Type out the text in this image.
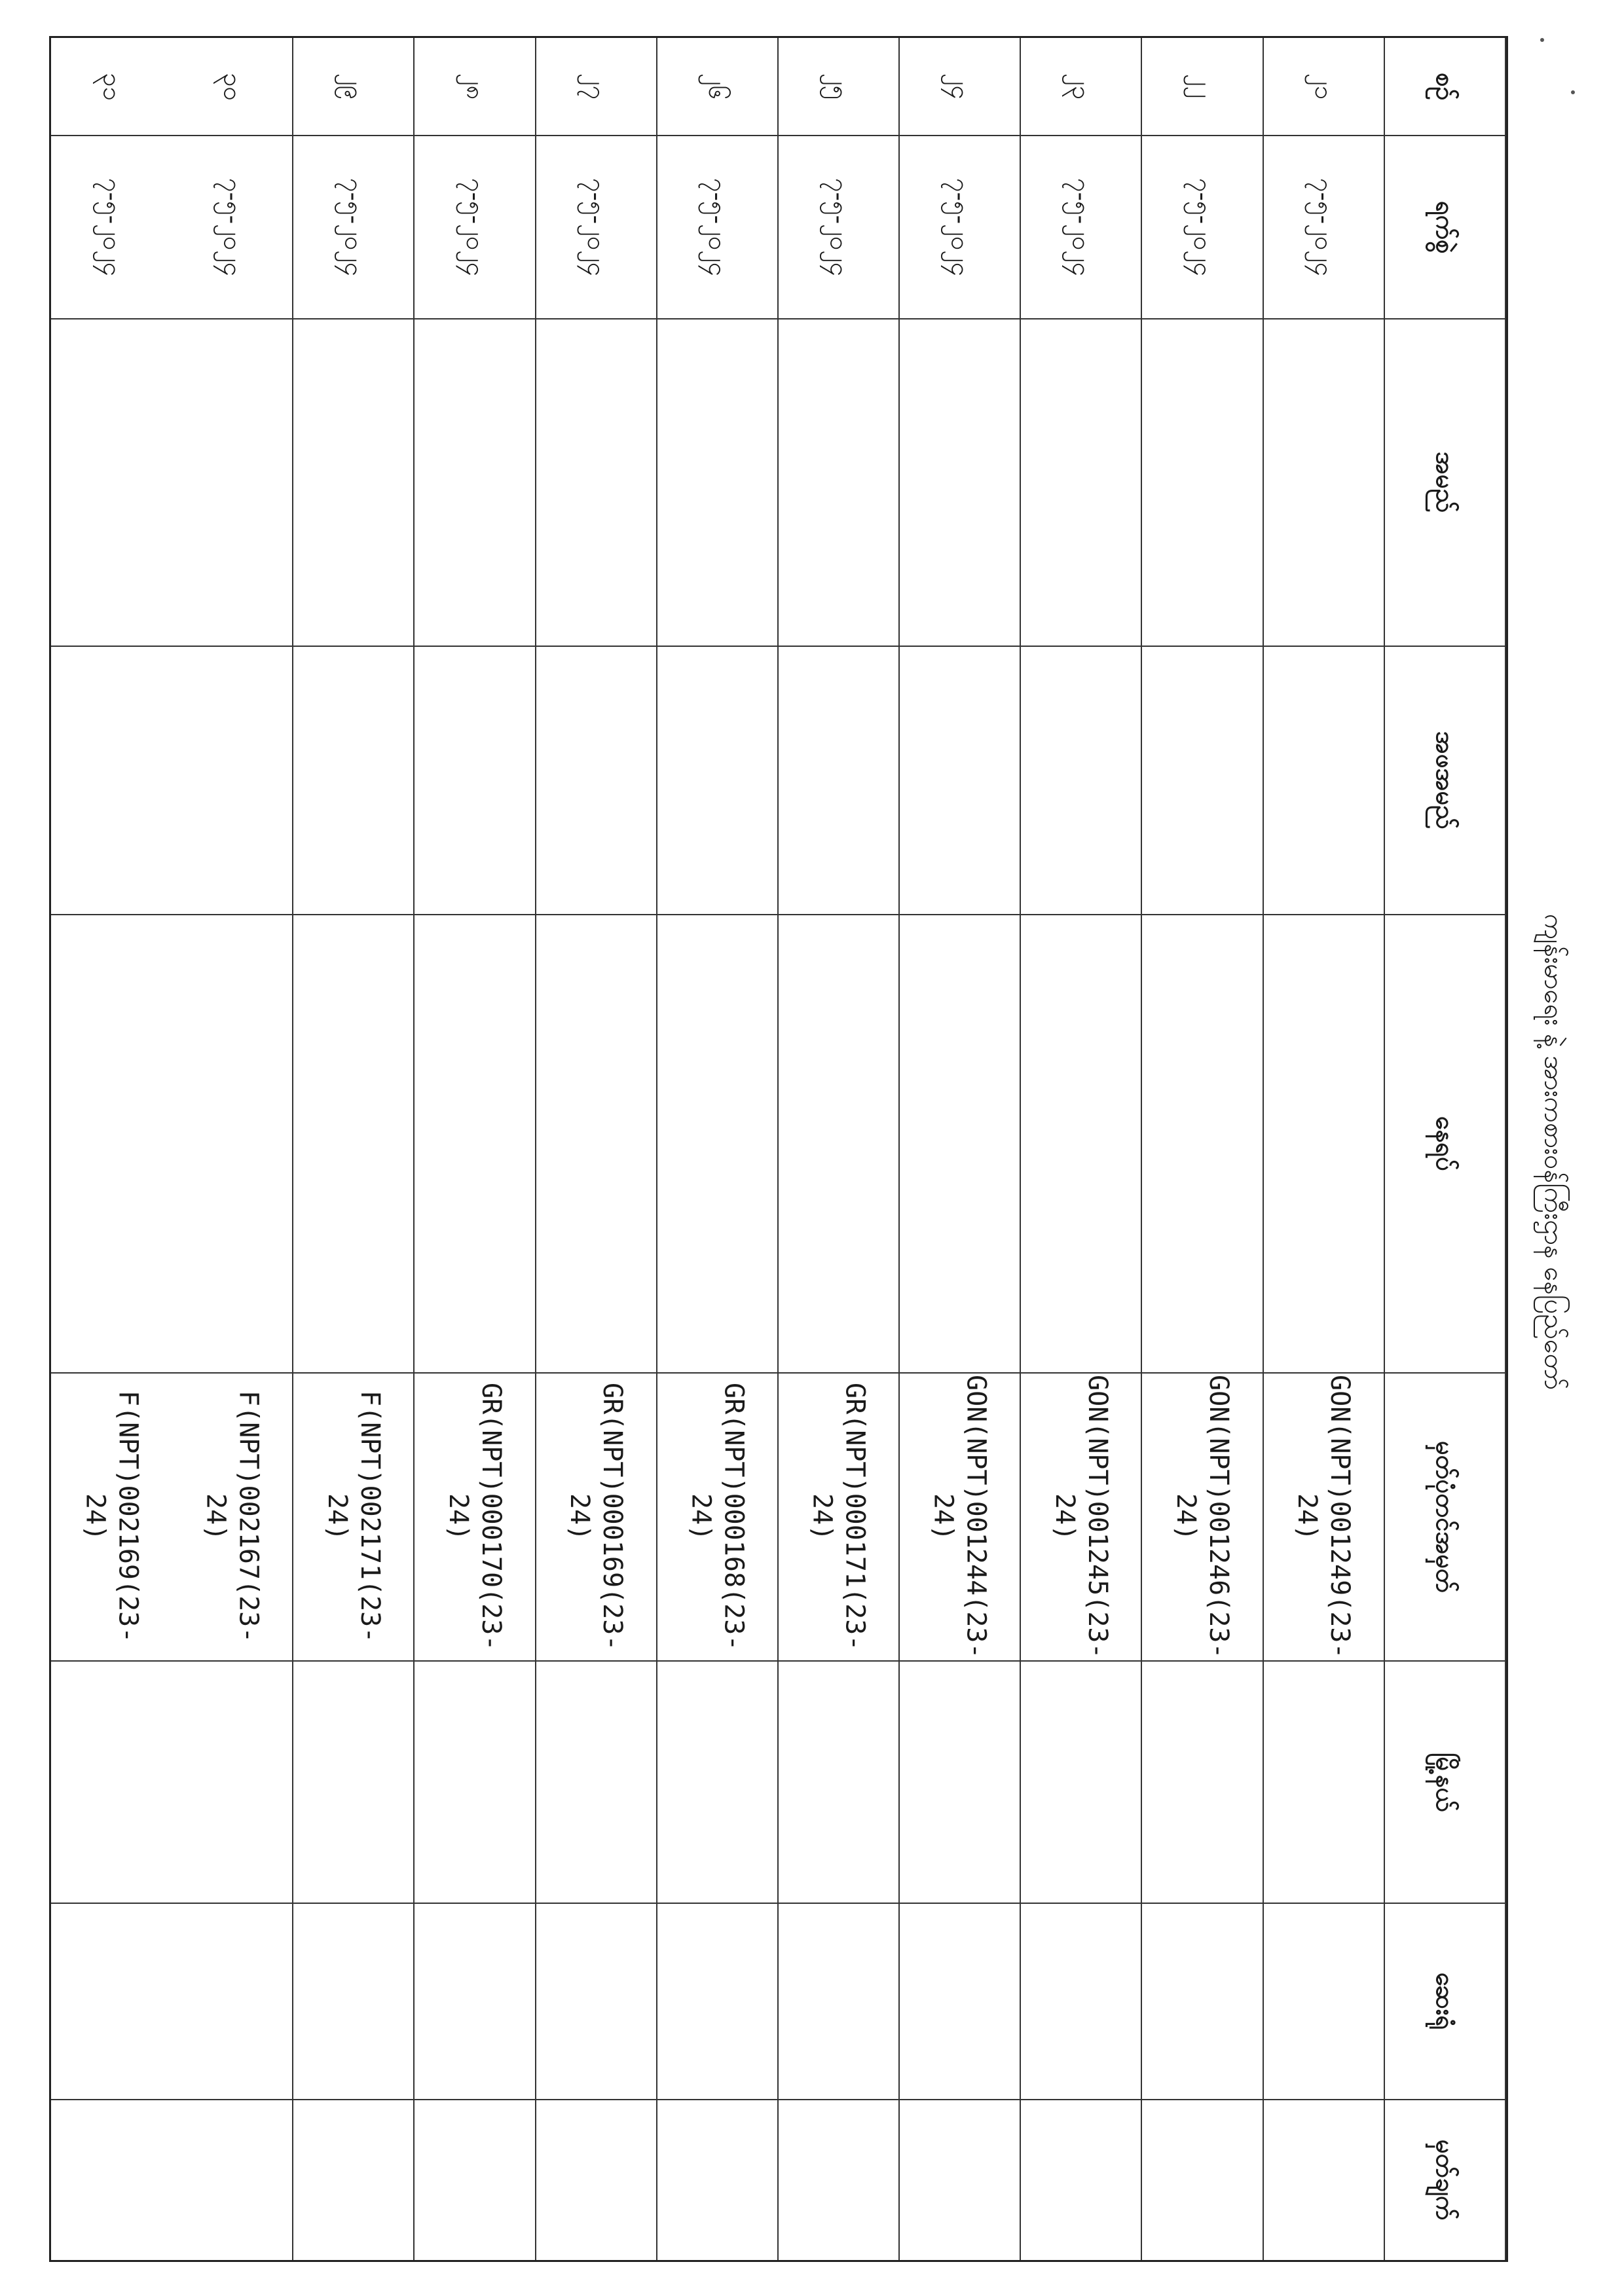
ကျန်းမာရေး နဲ့ အားကစားဝန်ကြီးဌာန နေပြည်တော်
စဉ်
၂၁
၂၂
၂၃
၂၄
၂၅
၂၆
၂၇
၂၈
၂၉
၃၀
၃၁
ရက်စွဲ
၇-၅-၂၀၂၄
၇-၅-၂၀၂၄
၇-၅-၂၀၂၄
၇-၅-၂၀၂၄
၇-၅-၂၀၂၄
၇-၅-၂၀၂၄
၇-၅-၂၀၂၄
၇-၅-၂၀၂၄
၇-၅-၂၀၂၄
၇-၅-၂၀၂၄
၇-၅-၂၀၂၄
အမည်
အဖအမည်
နေရပ်
မှတ်ပုံတင်အမှတ်
GON(NPT)001249(23-24)
GON(NPT)001246(23-24)
GON(NPT)001245(23-24)
GON(NPT)001244(23-24)
GR(NPT)000171(23-24)
GR(NPT)000168(23-24)
GR(NPT)000169(23-24)
GR(NPT)000170(23-24)
F(NPT)002171(23-24)
F(NPT)002167(23-24)
F(NPT)002169(23-24)
မြို့နယ်
ဆေးရုံ
မှတ်ချက်
